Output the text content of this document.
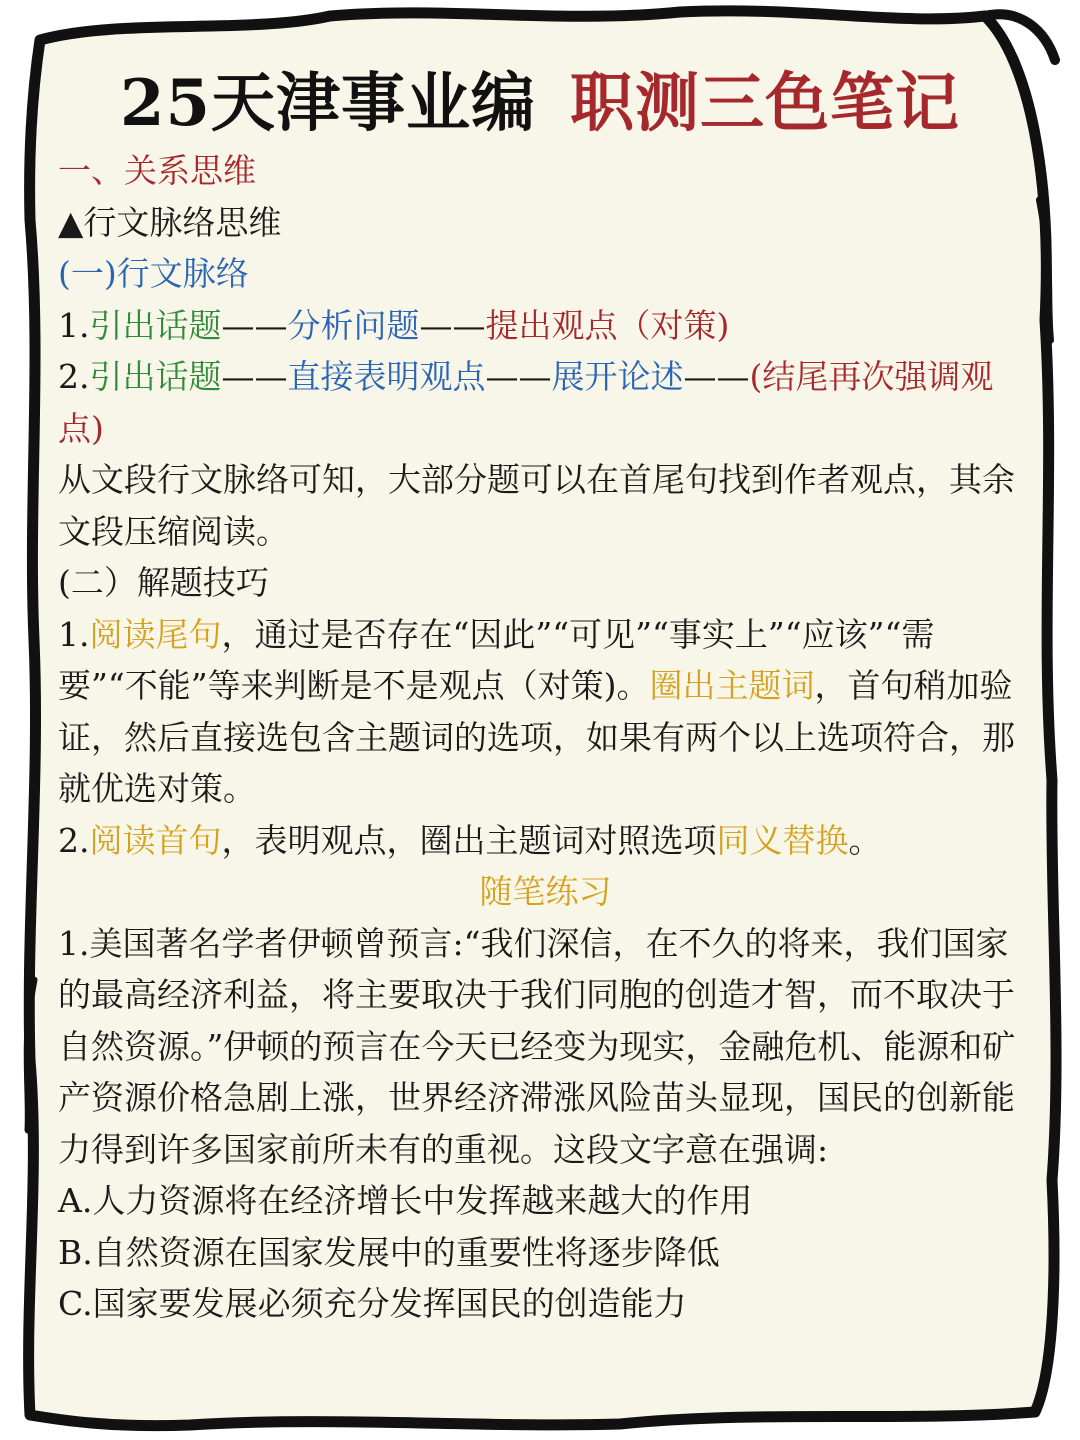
25天津事业编 职测三色笔记
一、关系思维
▲行文脉络思维
(一)行文脉络
1.引出话题——分析问题——提出观点（对策)
2.引出话题——直接表明观点——展开论述——(结尾再次强调观点)
从文段行文脉络可知，大部分题可以在首尾句找到作者观点，其余文段压缩阅读。
(二）解题技巧
1.阅读尾句，通过是否存在“因此”“可见”“事实上”“应该”“需要”“不能”等来判断是不是观点（对策)。圈出主题词，首句稍加验证，然后直接选包含主题词的选项，如果有两个以上选项符合，那就优选对策。
2.阅读首句，表明观点，圈出主题词对照选项同义替换。
随笔练习
1.美国著名学者伊顿曾预言:“我们深信，在不久的将来，我们国家的最高经济利益，将主要取决于我们同胞的创造才智，而不取决于自然资源。”伊顿的预言在今天已经变为现实，金融危机、能源和矿产资源价格急剧上涨，世界经济滞涨风险苗头显现，国民的创新能力得到许多国家前所未有的重视。这段文字意在强调:
A.人力资源将在经济增长中发挥越来越大的作用
B.自然资源在国家发展中的重要性将逐步降低
C.国家要发展必须充分发挥国民的创造能力
